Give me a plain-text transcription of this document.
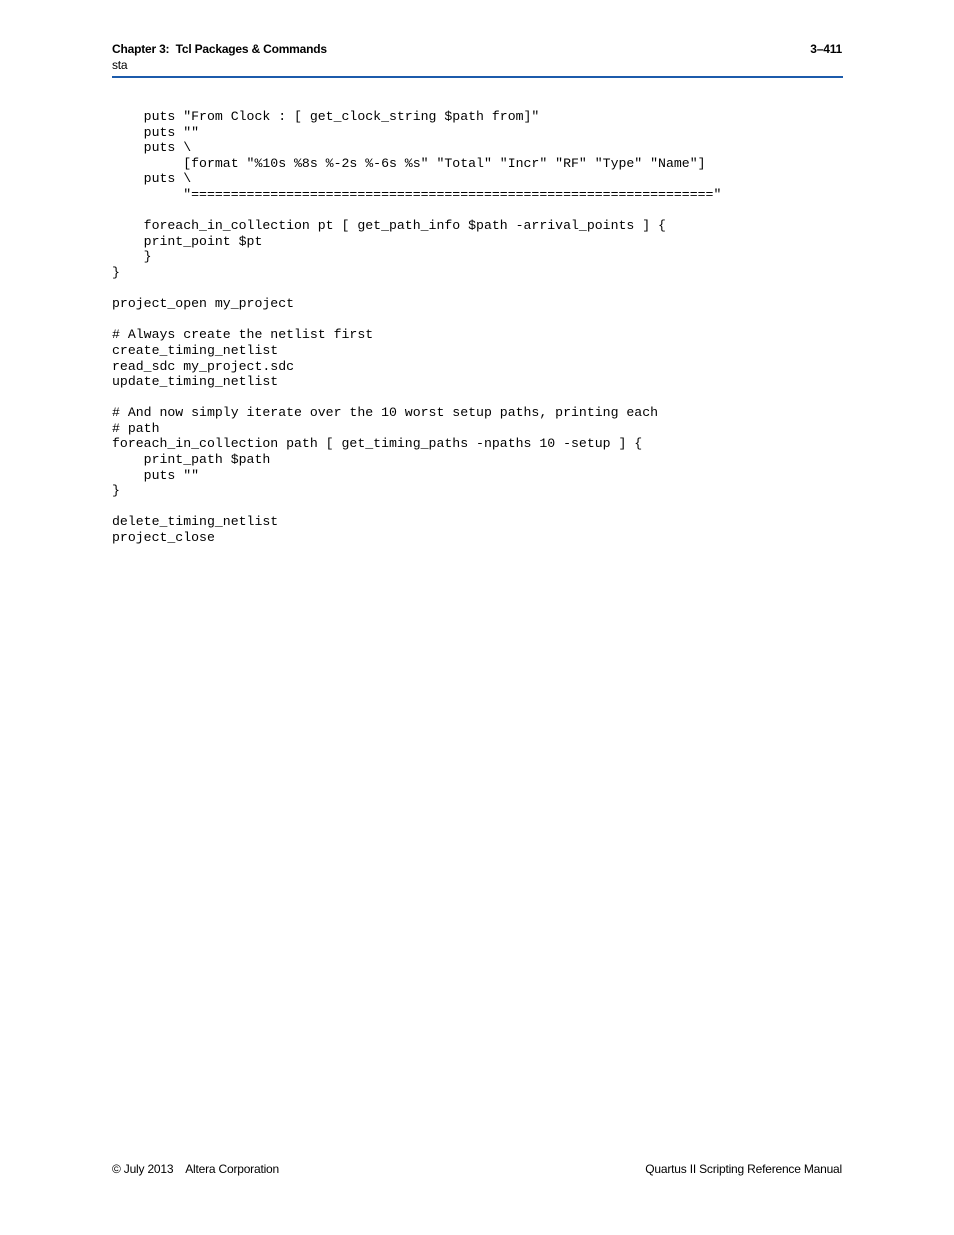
Chapter 3:  Tcl Packages & Commands
sta
3–411
puts "From Clock : [ get_clock_string $path from]"
puts ""
puts \
[format "%10s %8s %-2s %-6s %s" "Total" "Incr" "RF" "Type" "Name"]
puts \
"=================================================================="
foreach_in_collection pt [ get_path_info $path -arrival_points ] {
print_point $pt
}
}
project_open my_project
# Always create the netlist first
create_timing_netlist
read_sdc my_project.sdc
update_timing_netlist
# And now simply iterate over the 10 worst setup paths, printing each
# path
foreach_in_collection path [ get_timing_paths -npaths 10 -setup ] {
print_path $path
puts ""
}
delete_timing_netlist
project_close
© July 2013    Altera Corporation	Quartus II Scripting Reference Manual
